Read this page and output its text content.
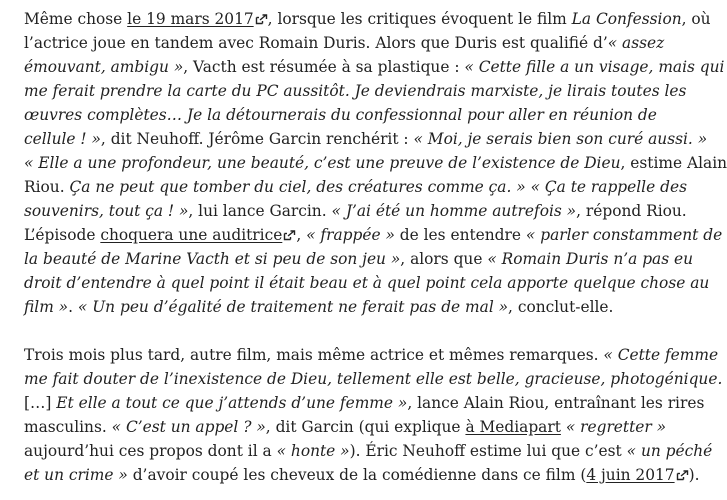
Même chose le 19 mars 2017 , lorsque les critiques évoquent le film La Confession, où
l’actrice joue en tandem avec Romain Duris. Alors que Duris est qualifié d’« assez
émouvant, ambigu », Vacth est résumée à sa plastique : « Cette fille a un visage, mais qui
me ferait prendre la carte du PC aussitôt. Je deviendrais marxiste, je lirais toutes les
œuvres complètes… Je la détournerais du confessionnal pour aller en réunion de
cellule ! », dit Neuhoff. Jérôme Garcin renchérit : « Moi, je serais bien son curé aussi. »
« Elle a une profondeur, une beauté, c’est une preuve de l’existence de Dieu, estime Alain
Riou. Ça ne peut que tomber du ciel, des créatures comme ça. » « Ça te rappelle des
souvenirs, tout ça ! », lui lance Garcin. « J’ai été un homme autrefois », répond Riou.
L’épisode choquera une auditrice , « frappée » de les entendre « parler constamment de
la beauté de Marine Vacth et si peu de son jeu », alors que « Romain Duris n’a pas eu
droit d’entendre à quel point il était beau et à quel point cela apporte quelque chose au
film ». « Un peu d’égalité de traitement ne ferait pas de mal », conclut-elle.

Trois mois plus tard, autre film, mais même actrice et mêmes remarques. « Cette femme
me fait douter de l’inexistence de Dieu, tellement elle est belle, gracieuse, photogénique.
[…] Et elle a tout ce que j’attends d’une femme », lance Alain Riou, entraînant les rires
masculins. « C’est un appel ? », dit Garcin (qui explique à Mediapart « regretter »
aujourd’hui ces propos dont il a « honte »). Éric Neuhoff estime lui que c’est « un péché
et un crime » d’avoir coupé les cheveux de la comédienne dans ce film (4 juin 2017 ).
